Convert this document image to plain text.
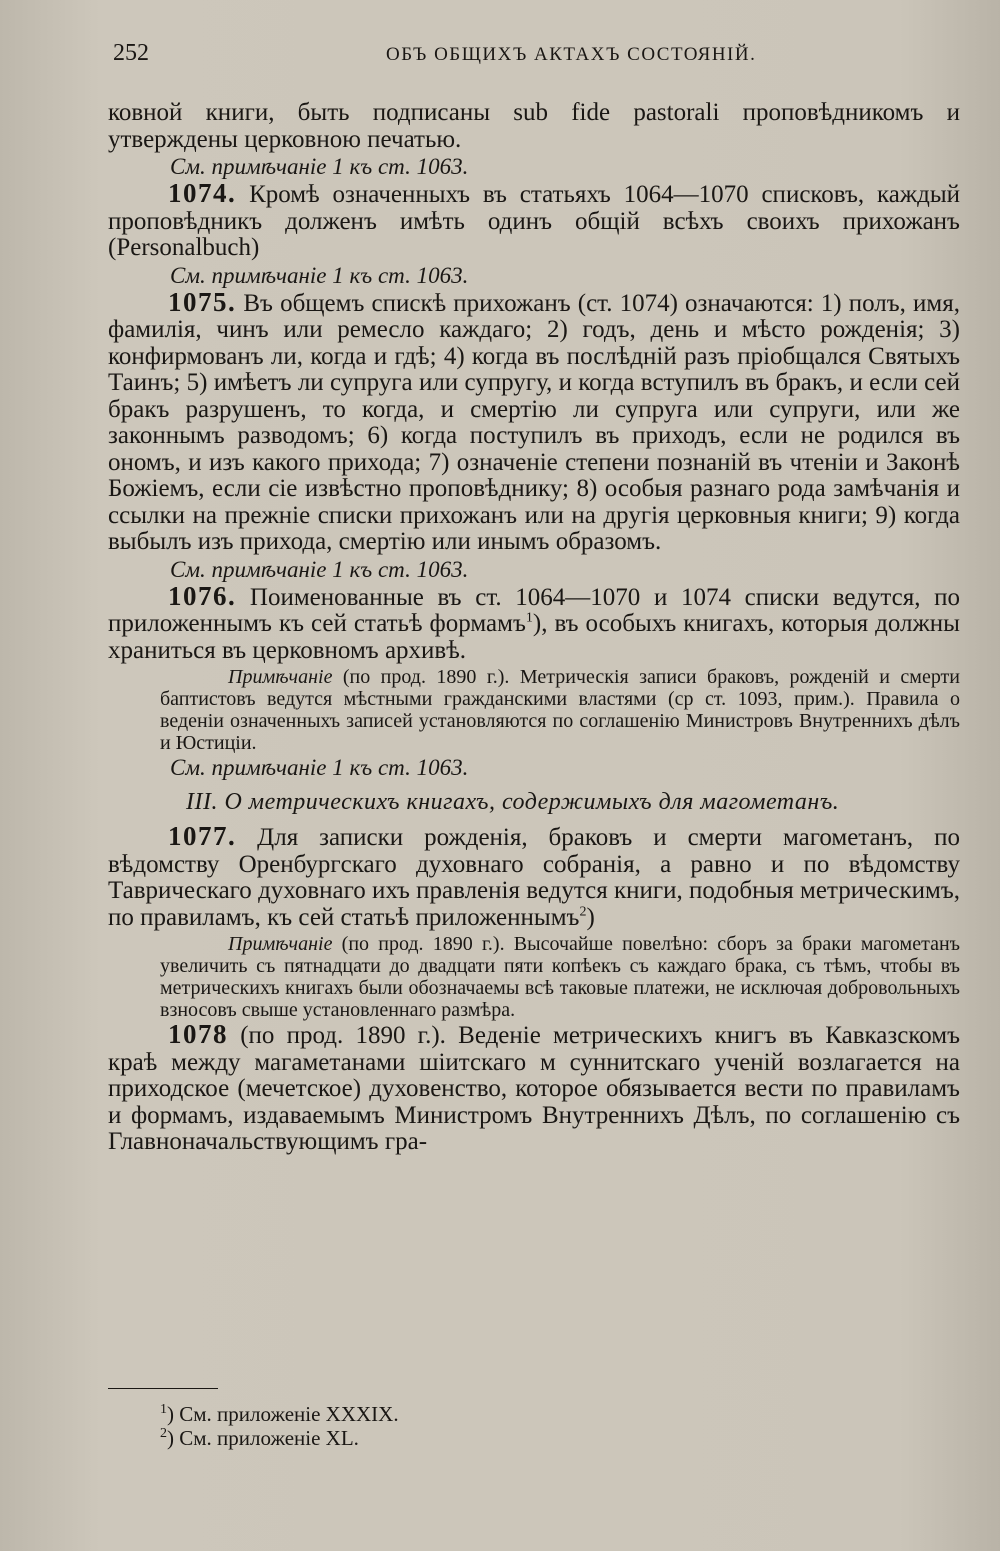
252	ОБЪ ОБЩИХЪ АКТАХЪ СОСТОЯНІЙ.

ковной книги, быть подписаны sub fide pastorali проповѣдникомъ и утверждены церковною печатью.

См. примѣчаніе 1 къ ст. 1063.

1074. Кромѣ означенныхъ въ статьяхъ 1064—1070 списковъ, каждый проповѣдникъ долженъ имѣть одинъ общій всѣхъ своихъ прихожанъ (Personalbuch)

См. примѣчаніе 1 къ ст. 1063.

1075. Въ общемъ спискѣ прихожанъ (ст. 1074) означаются: 1) полъ, имя, фамилія, чинъ или ремесло каждаго; 2) годъ, день и мѣсто рожденія; 3) конфирмованъ ли, когда и гдѣ; 4) когда въ послѣдній разъ пріобщался Святыхъ Таинъ; 5) имѣетъ ли супруга или супругу, и когда вступилъ въ бракъ, и если сей бракъ разрушенъ, то когда, и смертію ли супруга или супруги, или же законнымъ разводомъ; 6) когда поступилъ въ приходъ, если не родился въ ономъ, и изъ какого прихода; 7) означеніе степени познаній въ чтеніи и Законѣ Божіемъ, если сіе извѣстно проповѣднику; 8) особыя разнаго рода замѣчанія и ссылки на прежніе списки прихожанъ или на другія церковныя книги; 9) когда выбылъ изъ прихода, смертію или инымъ образомъ.

См. примѣчаніе 1 къ ст. 1063.

1076. Поименованные въ ст. 1064—1070 и 1074 списки ведутся, по приложеннымъ къ сей статьѣ формамъ$^1$), въ особыхъ книгахъ, которыя должны храниться въ церковномъ архивѣ.

Примѣчаніе (по прод. 1890 г.). Метрическія записи браковъ, рожденій и смерти баптистовъ ведутся мѣстными гражданскими властями (ср ст. 1093, прим.). Правила о веденіи означенныхъ записей установляются по соглашенію Министровъ Внутреннихъ дѣлъ и Юстиціи.

См. примѣчаніе 1 къ ст. 1063.

III. О метрическихъ книгахъ, содержимыхъ для магометанъ.

1077. Для записки рожденія, браковъ и смерти магометанъ, по вѣдомству Оренбургскаго духовнаго собранія, а равно и по вѣдомству Таврическаго духовнаго ихъ правленія ведутся книги, подобныя метрическимъ, по правиламъ, къ сей статьѣ приложеннымъ$^2$)

Примѣчаніе (по прод. 1890 г.). Высочайше повелѣно: сборъ за браки магометанъ увеличить съ пятнадцати до двадцати пяти копѣекъ съ каждаго брака, съ тѣмъ, чтобы въ метрическихъ книгахъ были обозначаемы всѣ таковые платежи, не исключая добровольныхъ взносовъ свыше установленнаго размѣра.

1078 (по прод. 1890 г.). Веденіе метрическихъ книгъ въ Кавказскомъ краѣ между магаметанами шіитскаго м суннитскаго ученій возлагается на приходское (мечетское) духовенство, которое обязывается вести по правиламъ и формамъ, издаваемымъ Министромъ Внутреннихъ Дѣлъ, по соглашенію съ Главноначальствующимъ гра-

$^1$) См. приложеніе XXXIX.
$^2$) См. приложеніе XL.
